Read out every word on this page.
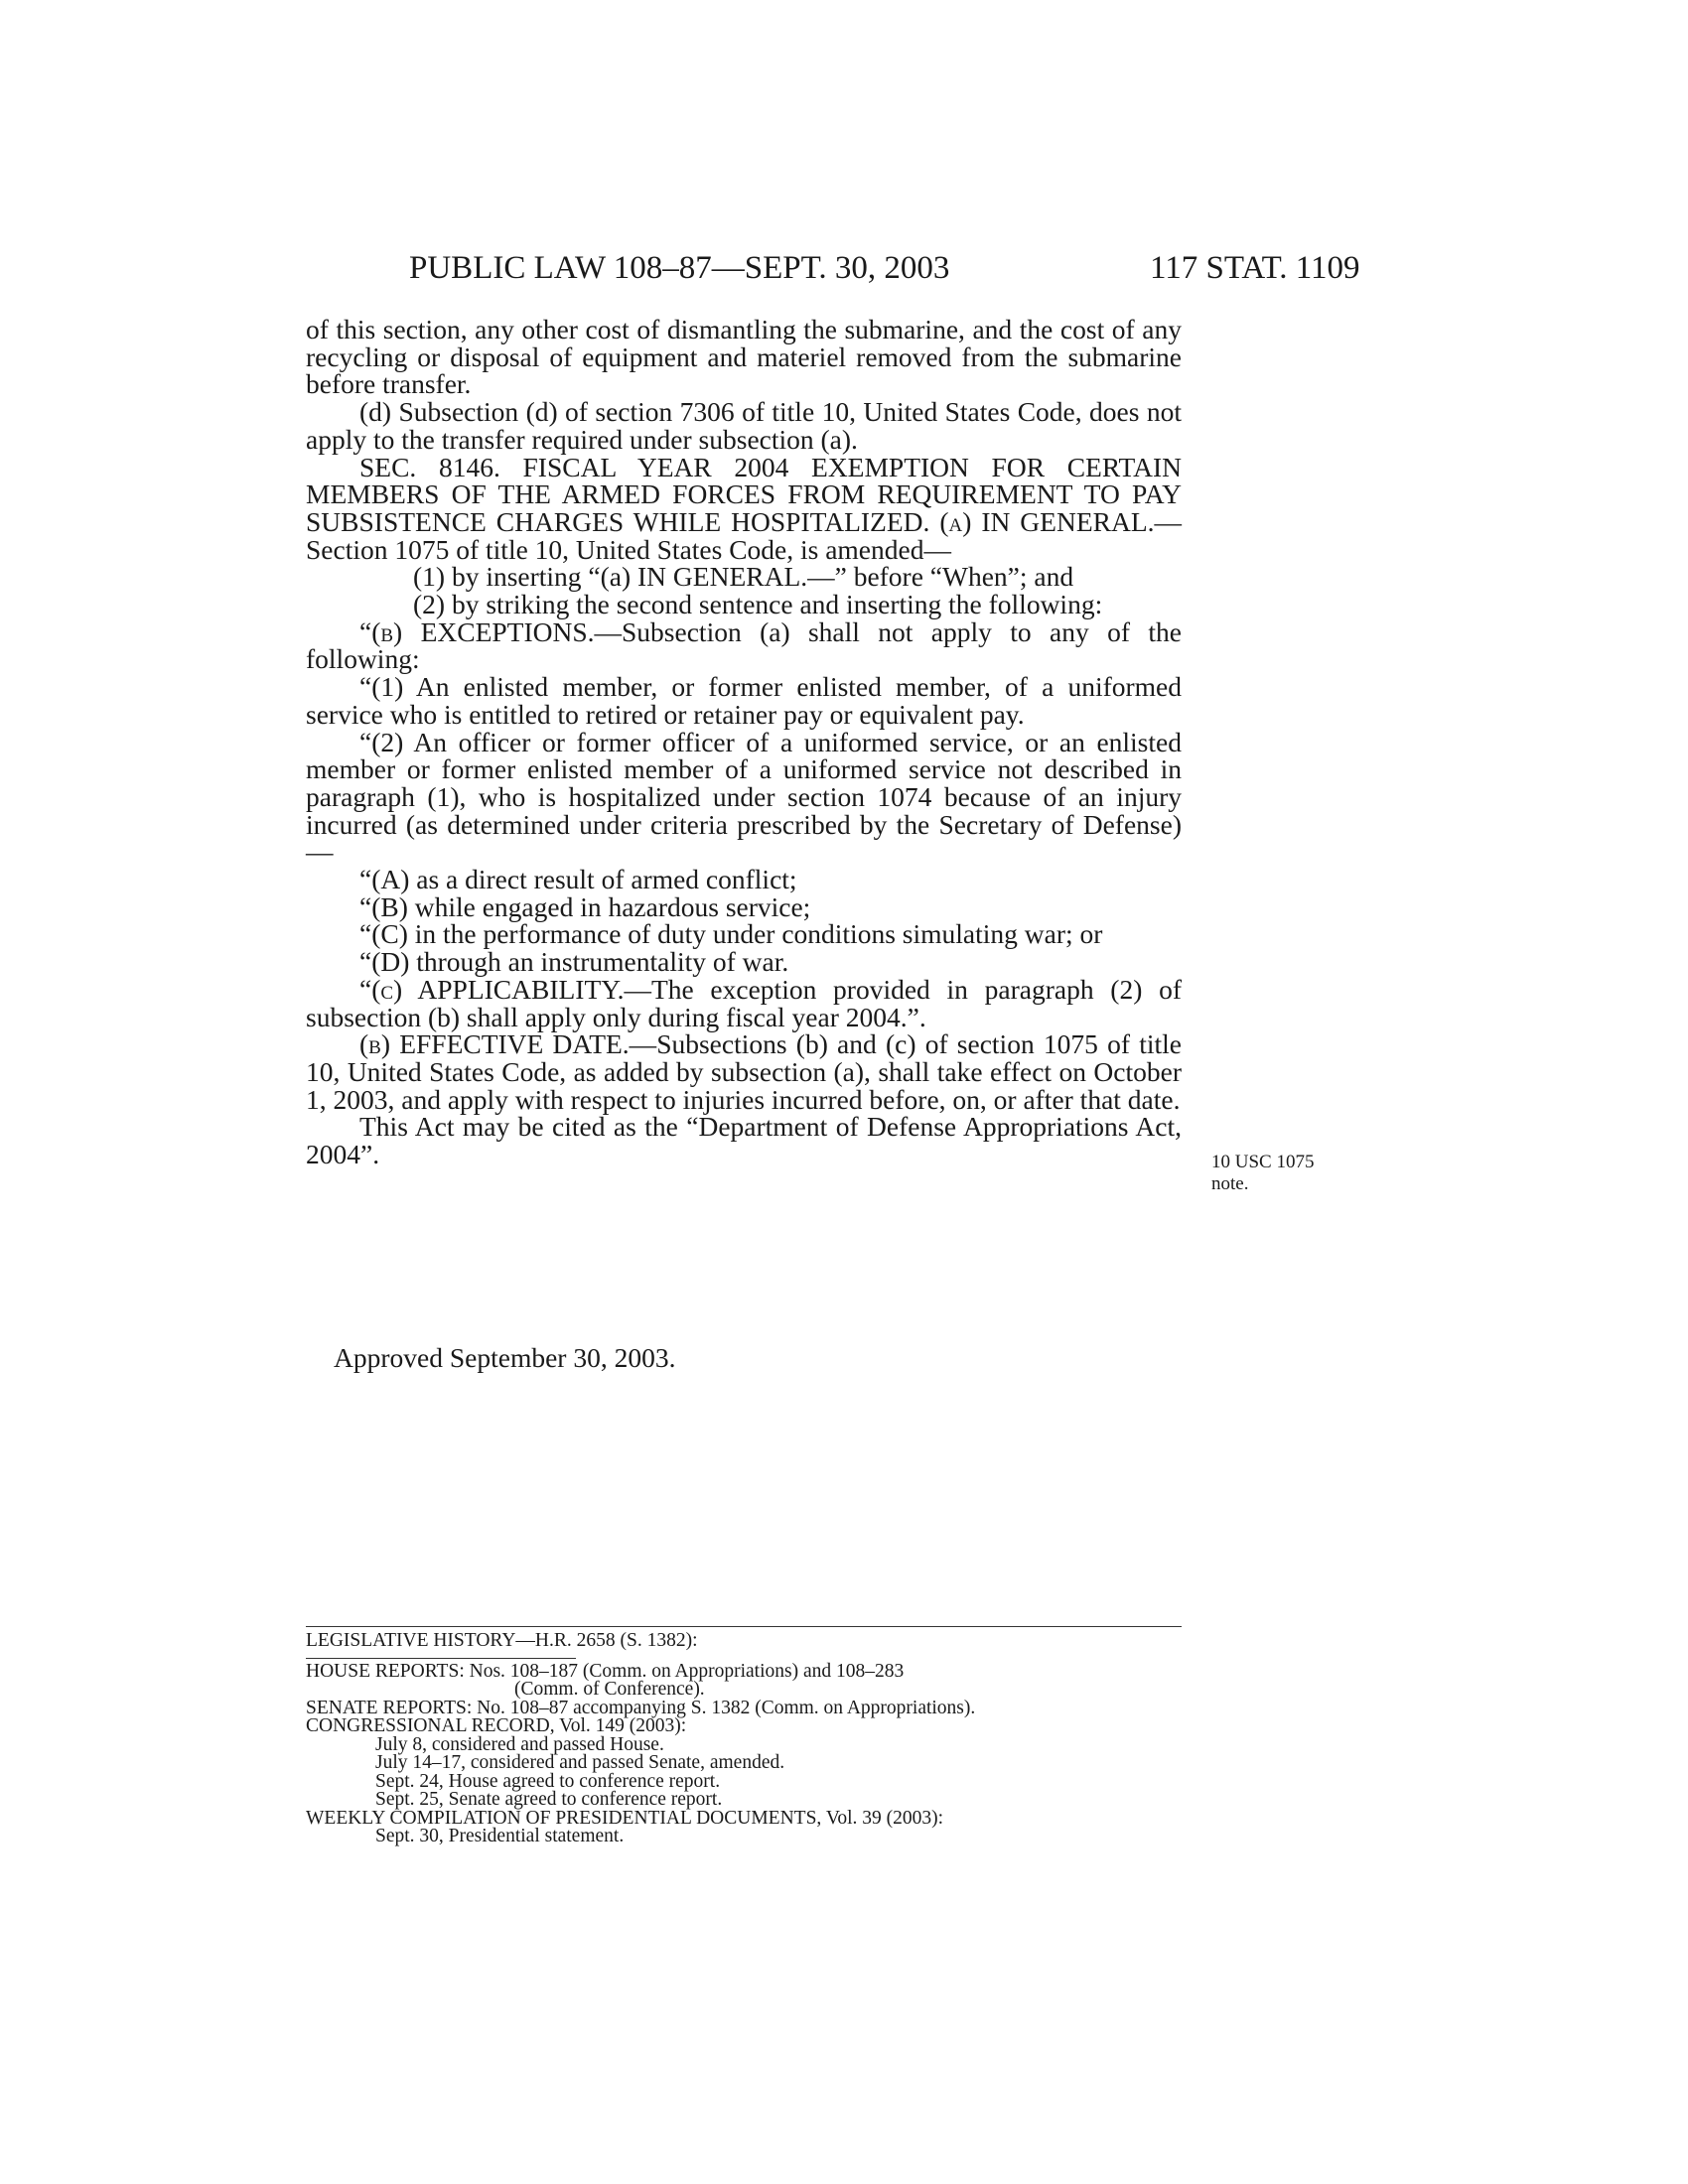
PUBLIC LAW 108–87—SEPT. 30, 2003	117 STAT. 1109

of this section, any other cost of dismantling the submarine, and the cost of any recycling or disposal of equipment and materiel removed from the submarine before transfer.

(d) Subsection (d) of section 7306 of title 10, United States Code, does not apply to the transfer required under subsection (a).

SEC. 8146. FISCAL YEAR 2004 EXEMPTION FOR CERTAIN MEMBERS OF THE ARMED FORCES FROM REQUIREMENT TO PAY SUBSISTENCE CHARGES WHILE HOSPITALIZED. (a) IN GENERAL.—Section 1075 of title 10, United States Code, is amended—

(1) by inserting “(a) IN GENERAL.—” before “When”; and

(2) by striking the second sentence and inserting the following:

“(b) EXCEPTIONS.—Subsection (a) shall not apply to any of the following:

“(1) An enlisted member, or former enlisted member, of a uniformed service who is entitled to retired or retainer pay or equivalent pay.

“(2) An officer or former officer of a uniformed service, or an enlisted member or former enlisted member of a uniformed service not described in paragraph (1), who is hospitalized under section 1074 because of an injury incurred (as determined under criteria prescribed by the Secretary of Defense)—

“(A) as a direct result of armed conflict;

“(B) while engaged in hazardous service;

“(C) in the performance of duty under conditions simulating war; or

“(D) through an instrumentality of war.

“(c) APPLICABILITY.—The exception provided in paragraph (2) of subsection (b) shall apply only during fiscal year 2004.”.

(b) EFFECTIVE DATE.—Subsections (b) and (c) of section 1075 of title 10, United States Code, as added by subsection (a), shall take effect on October 1, 2003, and apply with respect to injuries incurred before, on, or after that date.

This Act may be cited as the “Department of Defense Appropriations Act, 2004”.	10 USC 1075
note.
Approved September 30, 2003.

LEGISLATIVE HISTORY—H.R. 2658 (S. 1382):

HOUSE REPORTS: Nos. 108–187 (Comm. on Appropriations) and 108–283

(Comm. of Conference).

SENATE REPORTS: No. 108–87 accompanying S. 1382 (Comm. on Appropriations).

CONGRESSIONAL RECORD, Vol. 149 (2003):

July 8, considered and passed House.

July 14–17, considered and passed Senate, amended.

Sept. 24, House agreed to conference report.

Sept. 25, Senate agreed to conference report.

WEEKLY COMPILATION OF PRESIDENTIAL DOCUMENTS, Vol. 39 (2003):

Sept. 30, Presidential statement.
